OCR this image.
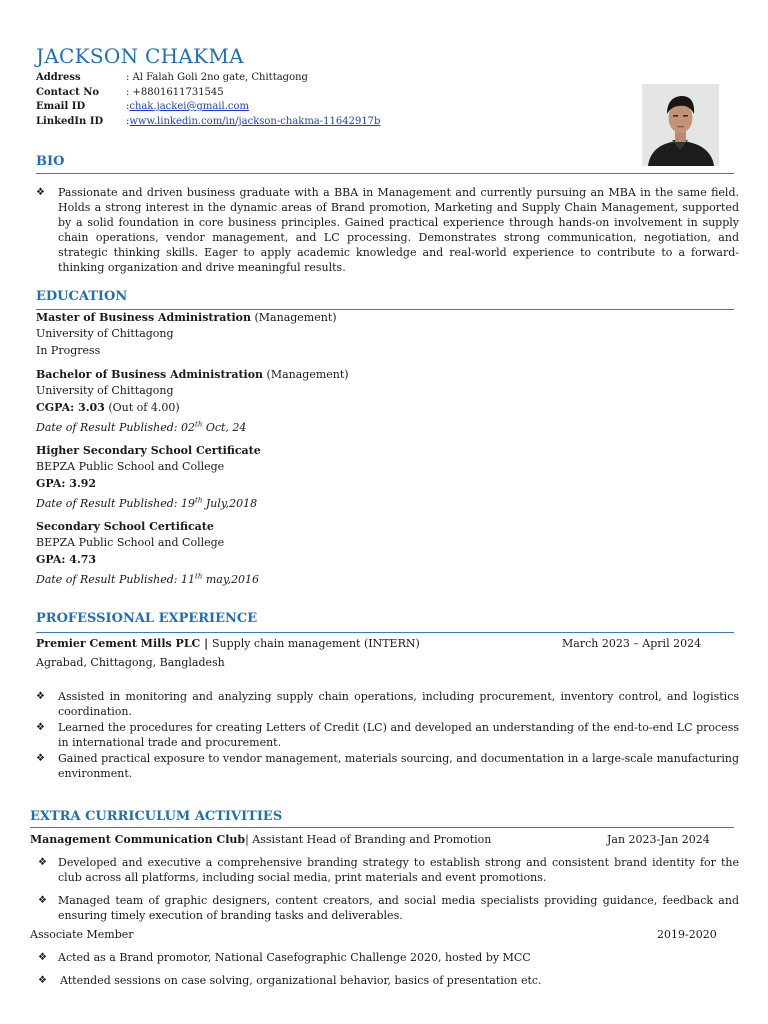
JACKSON CHAKMA
Address	: Al Falah Goli 2no gate, Chittagong
Contact No	: +8801611731545
Email ID	: chak.jackei@gmail.com
LinkedIn ID	: www.linkedin.com/in/jackson-chakma-11642917b
BIO
❖	Passionate and driven business graduate with a BBA in Management and currently pursuing an MBA in the same field. Holds a strong interest in the dynamic areas of Brand promotion, Marketing and Supply Chain Management, supported by a solid foundation in core business principles. Gained practical experience through hands-on involvement in supply chain operations, vendor management, and LC processing. Demonstrates strong communication, negotiation, and strategic thinking skills. Eager to apply academic knowledge and real-world experience to contribute to a forward-thinking organization and drive meaningful results.
EDUCATION
Master of Business Administration (Management)
University of Chittagong
In Progress
Bachelor of Business Administration (Management)
University of Chittagong
CGPA: 3.03 (Out of 4.00)
Date of Result Published: 02th Oct, 24
Higher Secondary School Certificate
BEPZA Public School and College
GPA: 3.92
Date of Result Published: 19th July,2018
Secondary School Certificate
BEPZA Public School and College
GPA: 4.73
Date of Result Published: 11th may,2016
PROFESSIONAL EXPERIENCE
Premier Cement Mills PLC | Supply chain management (INTERN)	March 2023 – April 2024
Agrabad, Chittagong, Bangladesh
❖	Assisted in monitoring and analyzing supply chain operations, including procurement, inventory control, and logistics coordination.
❖	Learned the procedures for creating Letters of Credit (LC) and developed an understanding of the end-to-end LC process in international trade and procurement.
❖	Gained practical exposure to vendor management, materials sourcing, and documentation in a large-scale manufacturing environment.
EXTRA CURRICULUM ACTIVITIES
Management Communication Club| Assistant Head of Branding and Promotion	Jan 2023-Jan 2024
❖	Developed and executive a comprehensive branding strategy to establish strong and consistent brand identity for the club across all platforms, including social media, print materials and event promotions.
❖	Managed team of graphic designers, content creators, and social media specialists providing guidance, feedback and ensuring timely execution of branding tasks and deliverables.
Associate Member	2019-2020
❖	Acted as a Brand promotor, National Casefographic Challenge 2020, hosted by MCC
❖	Attended sessions on case solving, organizational behavior, basics of presentation etc.
